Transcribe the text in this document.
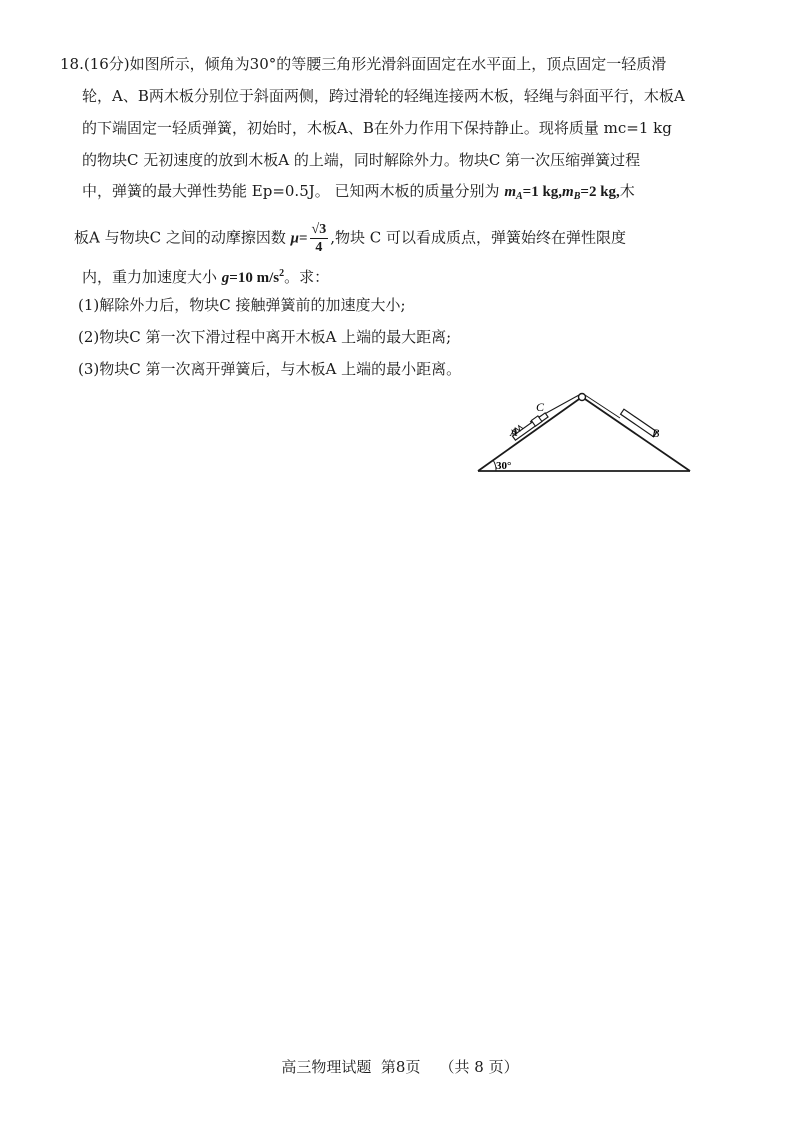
18.(16分)如图所示，倾角为30°的等腰三角形光滑斜面固定在水平面上，顶点固定一轻质滑
轮，A、B两木板分别位于斜面两侧，跨过滑轮的轻绳连接两木板，轻绳与斜面平行，木板A
的下端固定一轻质弹簧，初始时，木板A、B在外力作用下保持静止。现将质量 mc=1 kg
的物块C 无初速度的放到木板A 的上端，同时解除外力。物块C 第一次压缩弹簧过程
中，弹簧的最大弹性势能 Ep=0.5J。 已知两木板的质量分别为 $m_A=1$ $kg,m_B=2$ kg,木
板A 与物块C 之间的动摩擦因数 $\mu= \frac{√3}{4}$ ,物块 C 可以看成质点，弹簧始终在弹性限度
内，重力加速度大小 g=10 $m/s^2$。求：
(1)解除外力后，物块C 接触弹簧前的加速度大小;
(2)物块C 第一次下滑过程中离开木板A 上端的最大距离;
(3)物块C 第一次离开弹簧后，与木板A 上端的最小距离。
A
C
B
30°
高三物理试题  第8页    （共 8 页）
